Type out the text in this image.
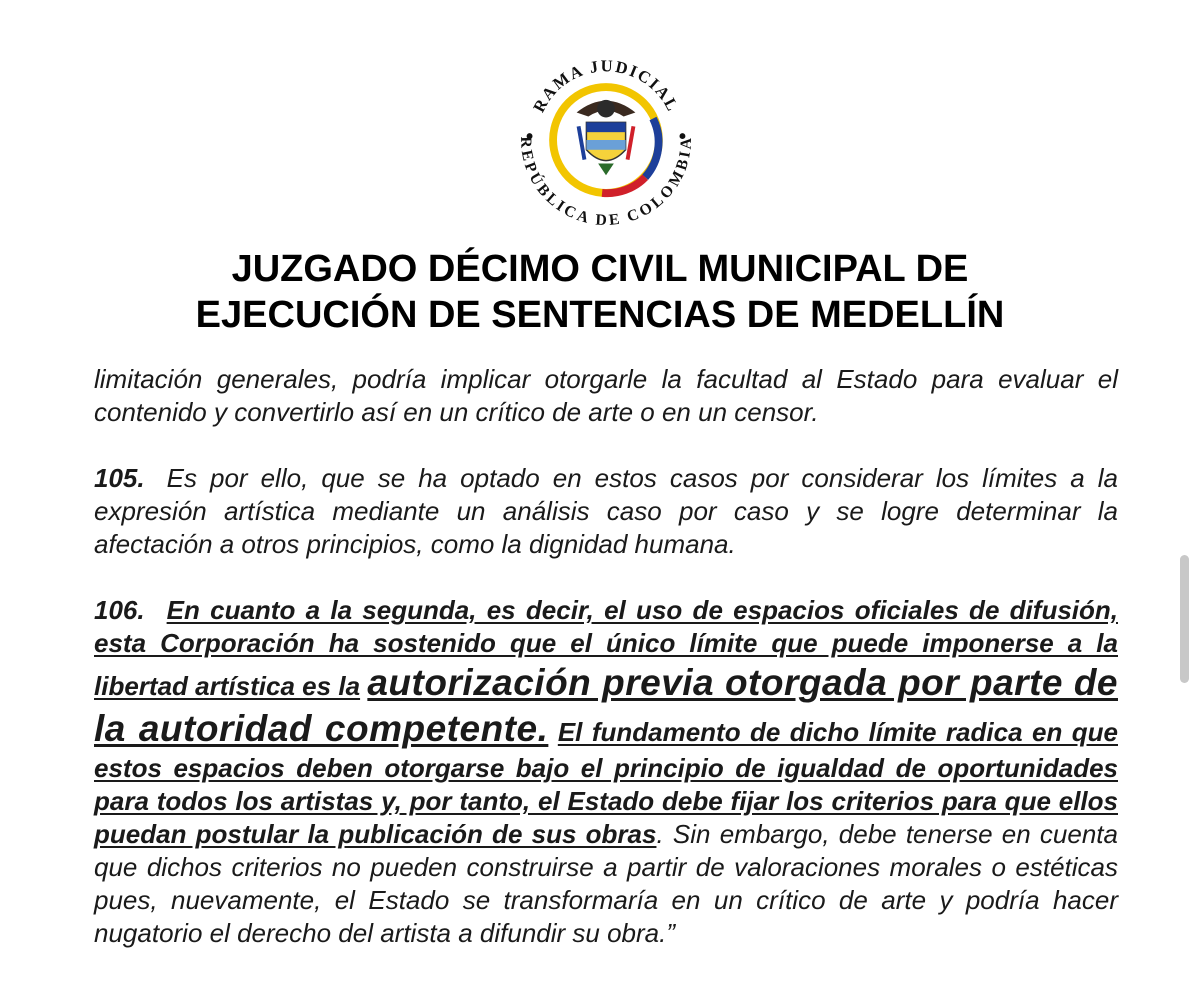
RAMA JUDICIAL
REPÚBLICA DE COLOMBIA
JUZGADO DÉCIMO CIVIL MUNICIPAL DE
EJECUCIÓN DE SENTENCIAS DE MEDELLÍN
limitación generales, podría implicar otorgarle la facultad al Estado para evaluar el contenido y convertirlo así en un crítico de arte o en un censor.
105. Es por ello, que se ha optado en estos casos por considerar los límites a la expresión artística mediante un análisis caso por caso y se logre determinar la afectación a otros principios, como la dignidad humana.
106. En cuanto a la segunda, es decir, el uso de espacios oficiales de difusión, esta Corporación ha sostenido que el único límite que puede imponerse a la libertad artística es la autorización previa otorgada por parte de la autoridad competente. El fundamento de dicho límite radica en que estos espacios deben otorgarse bajo el principio de igualdad de oportunidades para todos los artistas y, por tanto, el Estado debe fijar los criterios para que ellos puedan postular la publicación de sus obras. Sin embargo, debe tenerse en cuenta que dichos criterios no pueden construirse a partir de valoraciones morales o estéticas pues, nuevamente, el Estado se transformaría en un crítico de arte y podría hacer nugatorio el derecho del artista a difundir su obra.”
